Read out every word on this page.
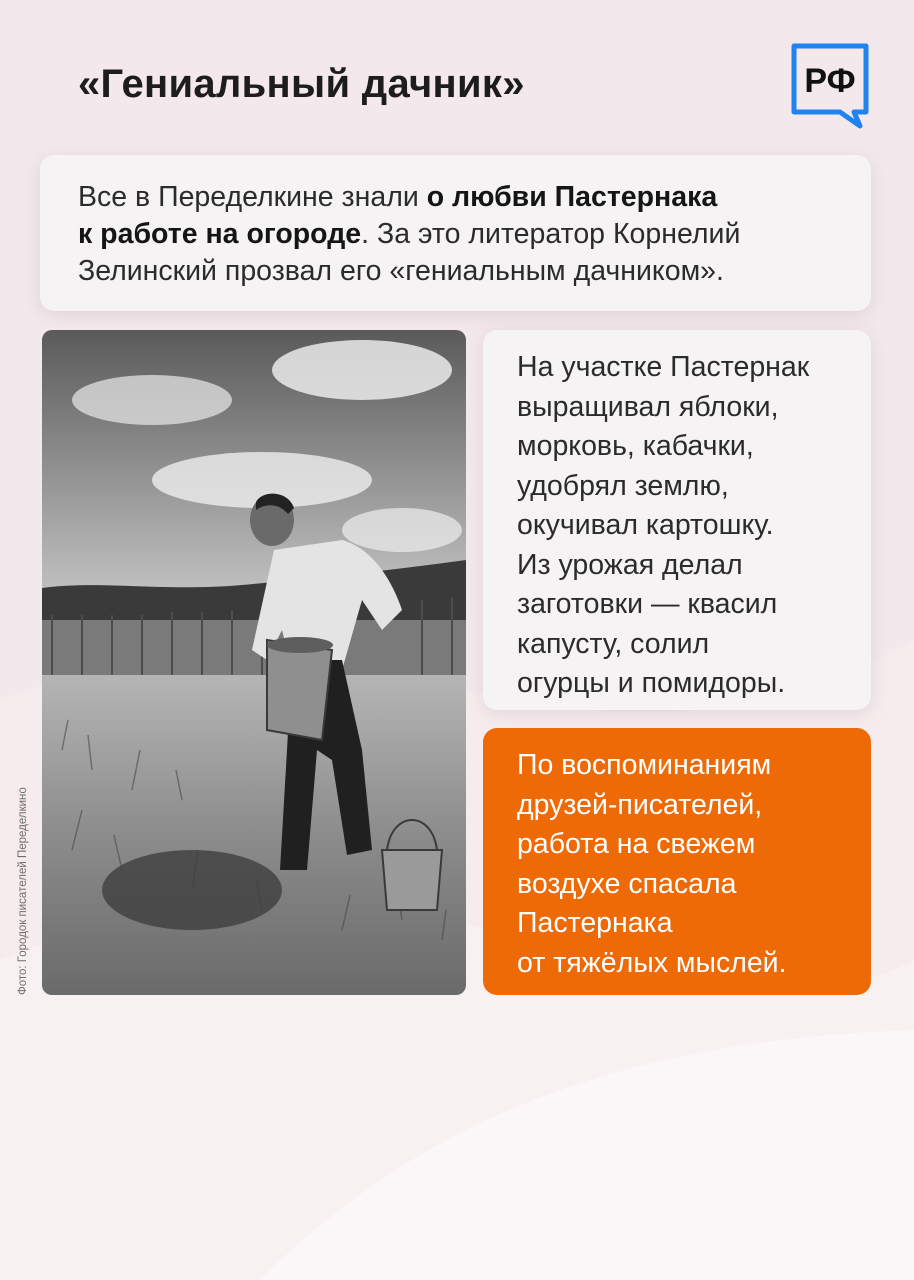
«Гениальный дачник»	РФ

Все в Переделкине знали о любви Пастернака
к работе на огороде. За это литератор Корнелий Зелинский прозвал его «гениальным дачником».

На участке Пастернак
выращивал яблоки,
морковь, кабачки,
удобрял землю,
окучивал картошку.
Из урожая делал
заготовки — квасил
капусту, солил
огурцы и помидоры.

По воспоминаниям
друзей-писателей,
работа на свежем
воздухе спасала
Пастернака
от тяжёлых мыслей.

Фото: Городок писателей Переделкино
